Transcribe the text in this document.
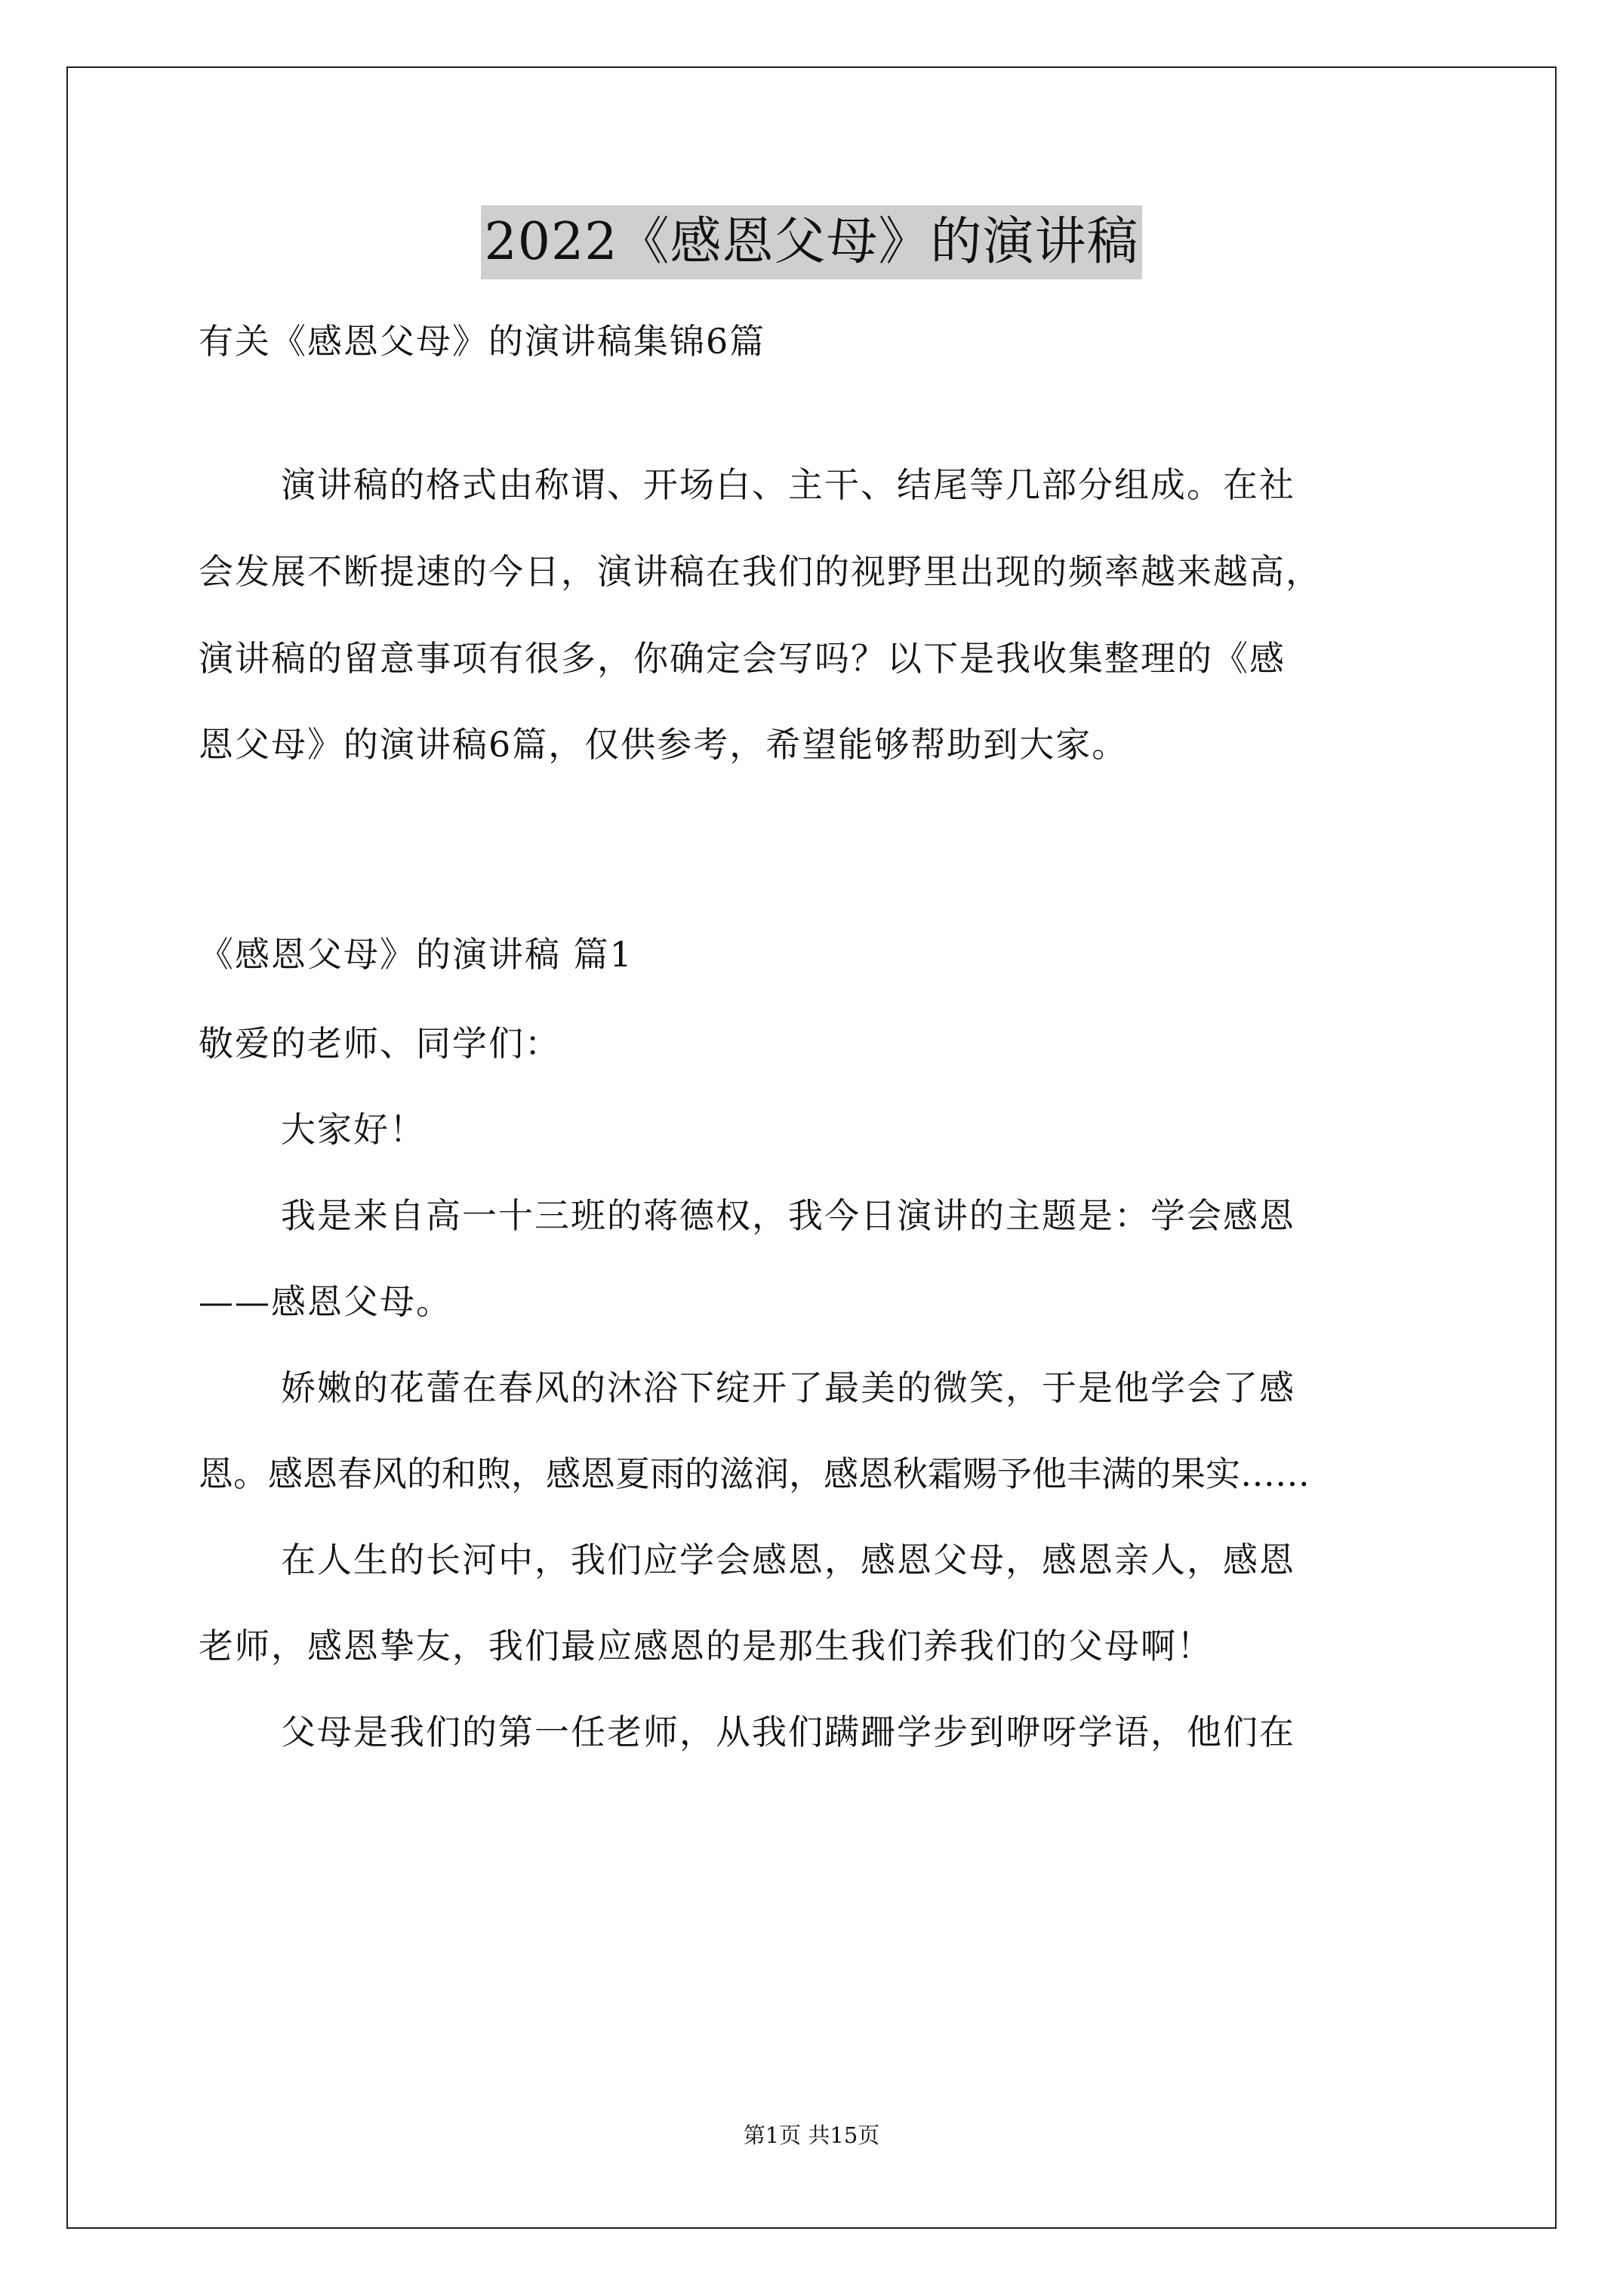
2022《感恩父母》的演讲稿
有关《感恩父母》的演讲稿集锦6篇
演讲稿的格式由称谓、开场白、主干、结尾等几部分组成。在社
会发展不断提速的今日，演讲稿在我们的视野里出现的频率越来越高，
演讲稿的留意事项有很多，你确定会写吗？以下是我收集整理的《感
恩父母》的演讲稿6篇，仅供参考，希望能够帮助到大家。
《感恩父母》的演讲稿 篇1
敬爱的老师、同学们：
大家好！
我是来自高一十三班的蒋德权，我今日演讲的主题是：学会感恩
——感恩父母。
娇嫩的花蕾在春风的沐浴下绽开了最美的微笑，于是他学会了感
恩。感恩春风的和煦，感恩夏雨的滋润，感恩秋霜赐予他丰满的果实……
在人生的长河中，我们应学会感恩，感恩父母，感恩亲人，感恩
老师，感恩挚友，我们最应感恩的是那生我们养我们的父母啊！
父母是我们的第一任老师，从我们蹒跚学步到咿呀学语，他们在
第1页 共15页
